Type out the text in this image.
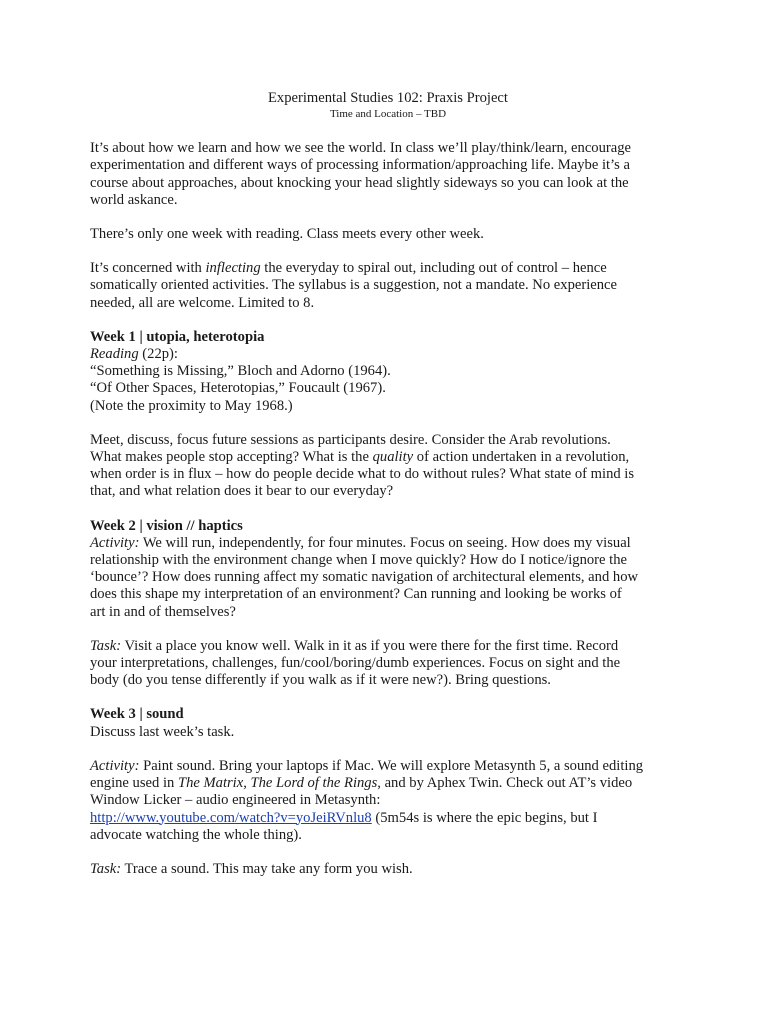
Experimental Studies 102: Praxis Project
Time and Location – TBD

It’s about how we learn and how we see the world. In class we’ll play/think/learn, encourage
experimentation and different ways of processing information/approaching life. Maybe it’s a
course about approaches, about knocking your head slightly sideways so you can look at the
world askance.

There’s only one week with reading. Class meets every other week.

It’s concerned with inflecting the everyday to spiral out, including out of control – hence
somatically oriented activities. The syllabus is a suggestion, not a mandate. No experience
needed, all are welcome. Limited to 8.

Week 1 | utopia, heterotopia

Reading (22p):
“Something is Missing,” Bloch and Adorno (1964).
“Of Other Spaces, Heterotopias,” Foucault (1967).
(Note the proximity to May 1968.)

Meet, discuss, focus future sessions as participants desire. Consider the Arab revolutions.
What makes people stop accepting? What is the quality of action undertaken in a revolution,
when order is in flux – how do people decide what to do without rules? What state of mind is
that, and what relation does it bear to our everyday?

Week 2 | vision // haptics

Activity: We will run, independently, for four minutes. Focus on seeing. How does my visual
relationship with the environment change when I move quickly? How do I notice/ignore the
‘bounce’? How does running affect my somatic navigation of architectural elements, and how
does this shape my interpretation of an environment? Can running and looking be works of
art in and of themselves?

Task: Visit a place you know well. Walk in it as if you were there for the first time. Record
your interpretations, challenges, fun/cool/boring/dumb experiences. Focus on sight and the
body (do you tense differently if you walk as if it were new?). Bring questions.

Week 3 | sound

Discuss last week’s task.

Activity: Paint sound. Bring your laptops if Mac. We will explore Metasynth 5, a sound editing
engine used in The Matrix, The Lord of the Rings, and by Aphex Twin. Check out AT’s video
Window Licker – audio engineered in Metasynth:
http://www.youtube.com/watch?v=yoJeiRVnlu8 (5m54s is where the epic begins, but I
advocate watching the whole thing).

Task: Trace a sound. This may take any form you wish.
